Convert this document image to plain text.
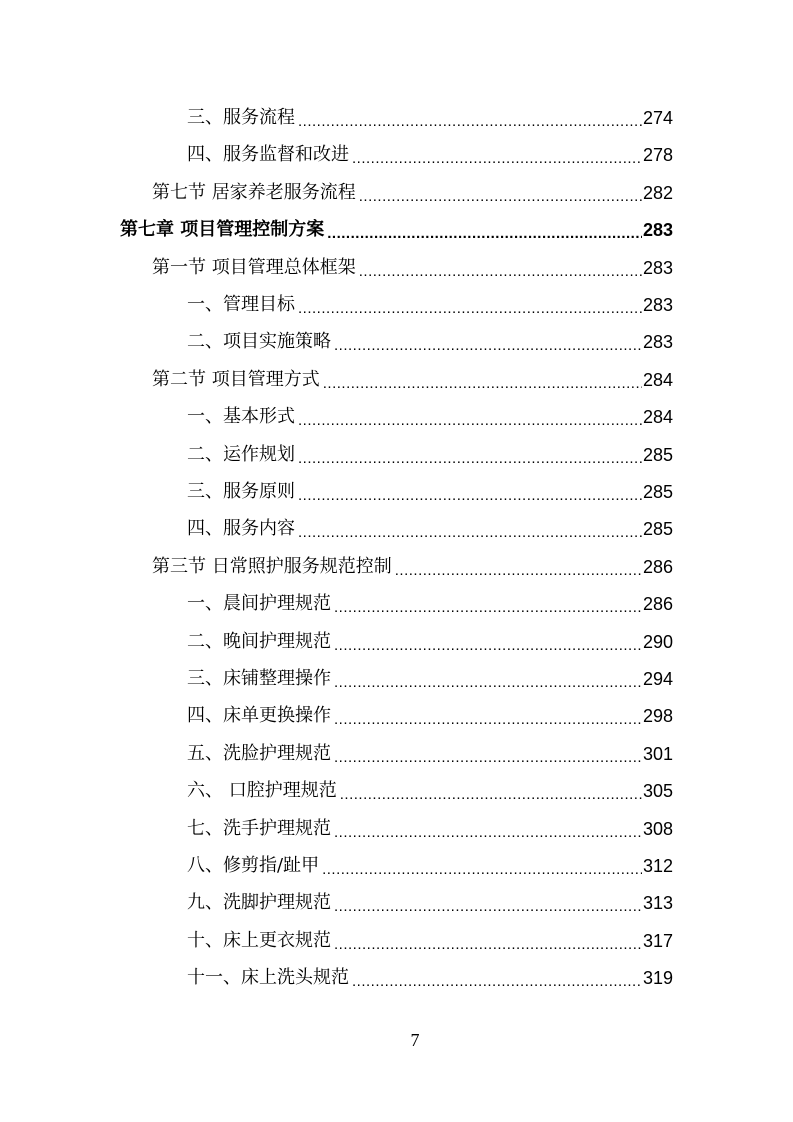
三、服务流程 .....	274
四、服务监督和改进 .....	278
第七节 居家养老服务流程 .....	282
第七章 项目管理控制方案 .....	283
第一节 项目管理总体框架 .....	283
一、管理目标 .....	283
二、项目实施策略 .....	283
第二节 项目管理方式 .....	284
一、基本形式 .....	284
二、运作规划 .....	285
三、服务原则 .....	285
四、服务内容 .....	285
第三节 日常照护服务规范控制 .....	286
一、晨间护理规范 .....	286
二、晚间护理规范 .....	290
三、床铺整理操作 .....	294
四、床单更换操作 .....	298
五、洗脸护理规范 .....	301
六、 口腔护理规范 .....	305
七、洗手护理规范 .....	308
八、修剪指/趾甲 .....	312
九、洗脚护理规范 .....	313
十、床上更衣规范 .....	317
十一、床上洗头规范 .....	319
7
